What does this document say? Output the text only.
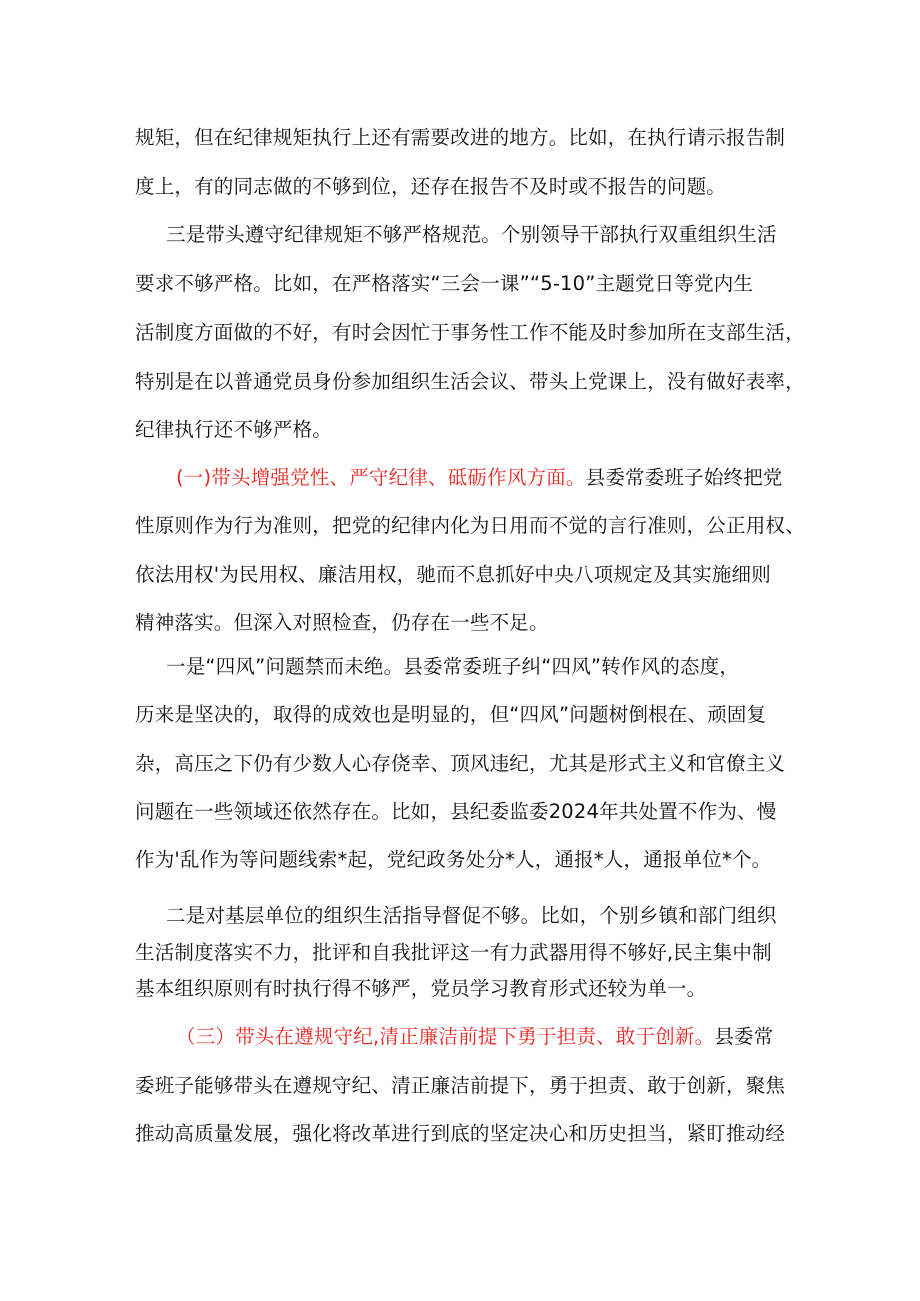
规矩，但在纪律规矩执行上还有需要改进的地方。比如，在执行请示报告制
度上，有的同志做的不够到位，还存在报告不及时或不报告的问题。
三是带头遵守纪律规矩不够严格规范。个别领导干部执行双重组织生活
要求不够严格。比如，在严格落实“三会一课”“5-10”主题党日等党内生
活制度方面做的不好，有时会因忙于事务性工作不能及时参加所在支部生活，
特别是在以普通党员身份参加组织生活会议、带头上党课上，没有做好表率，
纪律执行还不够严格。
(一)带头增强党性、严守纪律、砥砺作风方面。县委常委班子始终把党
性原则作为行为准则，把党的纪律内化为日用而不觉的言行准则，公正用权、
依法用权'为民用权、廉洁用权，驰而不息抓好中央八项规定及其实施细则
精神落实。但深入对照检查，仍存在一些不足。
一是“四风”问题禁而未绝。县委常委班子纠“四风”转作风的态度，
历来是坚决的，取得的成效也是明显的，但“四风”问题树倒根在、顽固复
杂，高压之下仍有少数人心存侥幸、顶风违纪，尤其是形式主义和官僚主义
问题在一些领域还依然存在。比如，县纪委监委2024年共处置不作为、慢
作为'乱作为等问题线索*起，党纪政务处分*人，通报*人，通报单位*个。
二是对基层单位的组织生活指导督促不够。比如，个别乡镇和部门组织
生活制度落实不力，批评和自我批评这一有力武器用得不够好,民主集中制
基本组织原则有时执行得不够严，党员学习教育形式还较为单一。
（三）带头在遵规守纪,清正廉洁前提下勇于担责、敢于创新。县委常
委班子能够带头在遵规守纪、清正廉洁前提下，勇于担责、敢于创新，聚焦
推动高质量发展，强化将改革进行到底的坚定决心和历史担当，紧盯推动经
